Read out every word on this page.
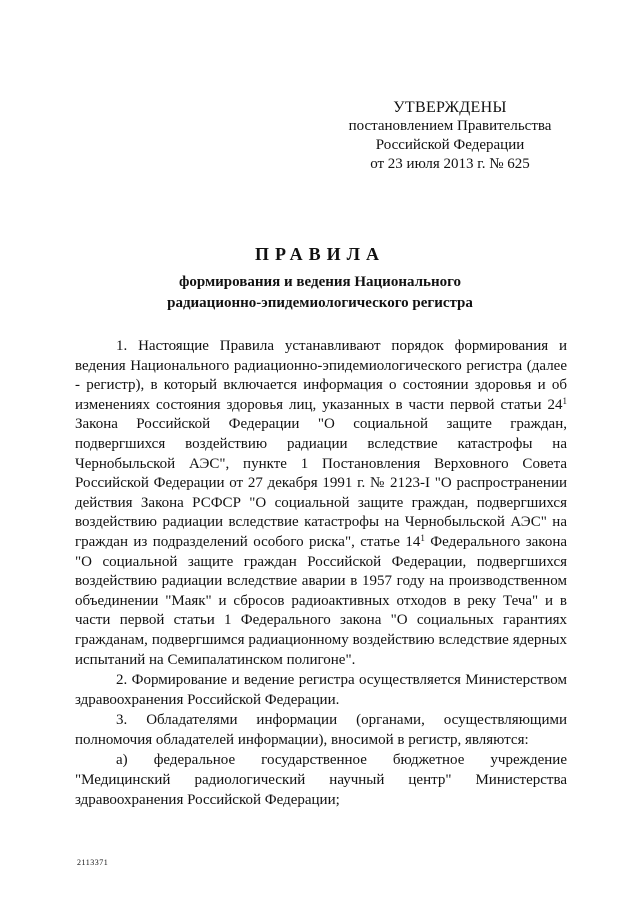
УТВЕРЖДЕНЫ
постановлением Правительства
Российской Федерации
от 23 июля 2013 г. № 625
ПРАВИЛА
формирования и ведения Национального
радиационно-эпидемиологического регистра

1. Настоящие Правила устанавливают порядок формирования и ведения Национального радиационно-эпидемиологического регистра (далее - регистр), в который включается информация о состоянии здоровья и об изменениях состояния здоровья лиц, указанных в части первой статьи $24^1$ Закона Российской Федерации "О социальной защите граждан, подвергшихся воздействию радиации вследствие катастрофы на Чернобыльской АЭС", пункте 1 Постановления Верховного Совета Российской Федерации от 27 декабря 1991 г. № 2123-I "О распространении действия Закона РСФСР "О социальной защите граждан, подвергшихся воздействию радиации вследствие катастрофы на Чернобыльской АЭС" на граждан из подразделений особого риска", статье $14^1$ Федерального закона "О социальной защите граждан Российской Федерации, подвергшихся воздействию радиации вследствие аварии в 1957 году на производственном объединении "Маяк" и сбросов радиоактивных отходов в реку Теча" и в части первой статьи 1 Федерального закона "О социальных гарантиях гражданам, подвергшимся радиационному воздействию вследствие ядерных испытаний на Семипалатинском полигоне".

2. Формирование и ведение регистра осуществляется Министерством здравоохранения Российской Федерации.

3. Обладателями информации (органами, осуществляющими полномочия обладателей информации), вносимой в регистр, являются:

а) федеральное государственное бюджетное учреждение "Медицинский радиологический научный центр" Министерства здравоохранения Российской Федерации;

2113371
